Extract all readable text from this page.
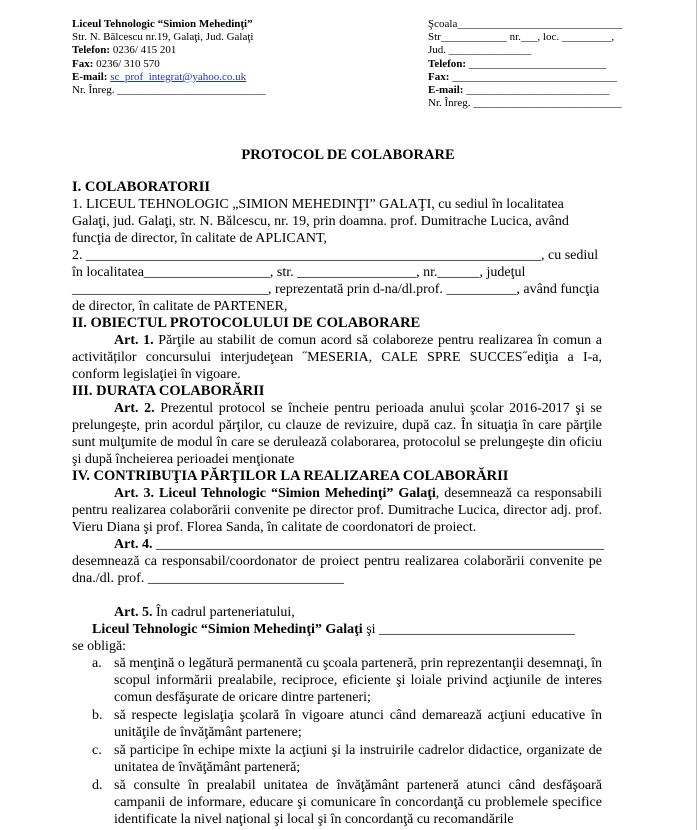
Liceul Tehnologic “Simion Mehedinţi”
Str. N. Bălcescu nr.19, Galaţi, Jud. Galaţi
Telefon: 0236/ 415 201
Fax: 0236/ 310 570
E-mail: sc_prof_integrat@yahoo.co.uk
Nr. Înreg. ___________________________
Şcoala______________________________
Str____________ nr.___, loc. _________,
Jud. _______________
Telefon: _________________________
Fax: ______________________________
E-mail: __________________________
Nr. Înreg. ___________________________
PROTOCOL DE COLABORARE

I. COLABORATORII

1. LICEUL TEHNOLOGIC „SIMION MEHEDINŢI” GALAŢI, cu sediul în localitatea Galaţi, jud. Galaţi, str. N. Bălcescu, nr. 19, prin doamna. prof. Dumitrache Lucica, având funcţia de director, în calitate de APLICANT,

2. _________________________________________________________________, cu sediul

în localitatea__________________, str. _________________, nr.______, judeţul

____________________________, reprezentată prin d-na/dl.prof. __________, având funcţia

de director, în calitate de PARTENER,

II. OBIECTUL PROTOCOLULUI DE COLABORARE

Art. 1. Părţile au stabilit de comun acord să colaboreze pentru realizarea în comun a activităților concursului interjudeţean ˝MESERIA, CALE SPRE SUCCES˝ediţia a I-a, conform legislaţiei în vigoare.

III. DURATA COLABORĂRII

Art. 2. Prezentul protocol se încheie pentru perioada anului şcolar 2016-2017 şi se prelungeşte, prin acordul părţilor, cu clauze de revizuire, după caz. În situaţia în care părţile sunt mulţumite de modul în care se derulează colaborarea, protocolul se prelungeşte din oficiu şi după încheierea perioadei menţionate

IV. CONTRIBUŢIA PĂRŢILOR LA REALIZAREA COLABORĂRII

Art. 3. Liceul Tehnologic “Simion Mehedinţi” Galaţi, desemnează ca responsabili pentru realizarea colaborării convenite pe director prof. Dumitrache Lucica, director adj. prof. Vieru Diana şi prof. Florea Sanda, în calitate de coordonatori de proiect.

Art. 4. ________________________________________________________________

desemnează ca responsabil/coordonator de proiect pentru realizarea colaborării convenite pe dna./dl. prof. ____________________________

Art. 5. În cadrul parteneriatului,

Liceul Tehnologic “Simion Mehedinţi” Galaţi şi ____________________________

se obligă:

a. să menţină o legătură permanentă cu şcoala parteneră, prin reprezentanţii desemnaţi, în scopul informării prealabile, reciproce, eficiente şi loiale privind acţiunile de interes comun desfăşurate de oricare dintre parteneri;
b. să respecte legislaţia şcolară în vigoare atunci când demarează acţiuni educative în unităţile de învăţământ partenere;
c. să participe în echipe mixte la acţiuni şi la instruirile cadrelor didactice, organizate de unitatea de învăţământ parteneră;
d. să consulte în prealabil unitatea de învăţământ parteneră atunci când desfăşoară campanii de informare, educare şi comunicare în concordanţă cu problemele specifice identificate la nivel naţional şi local şi în concordanţă cu recomandările
